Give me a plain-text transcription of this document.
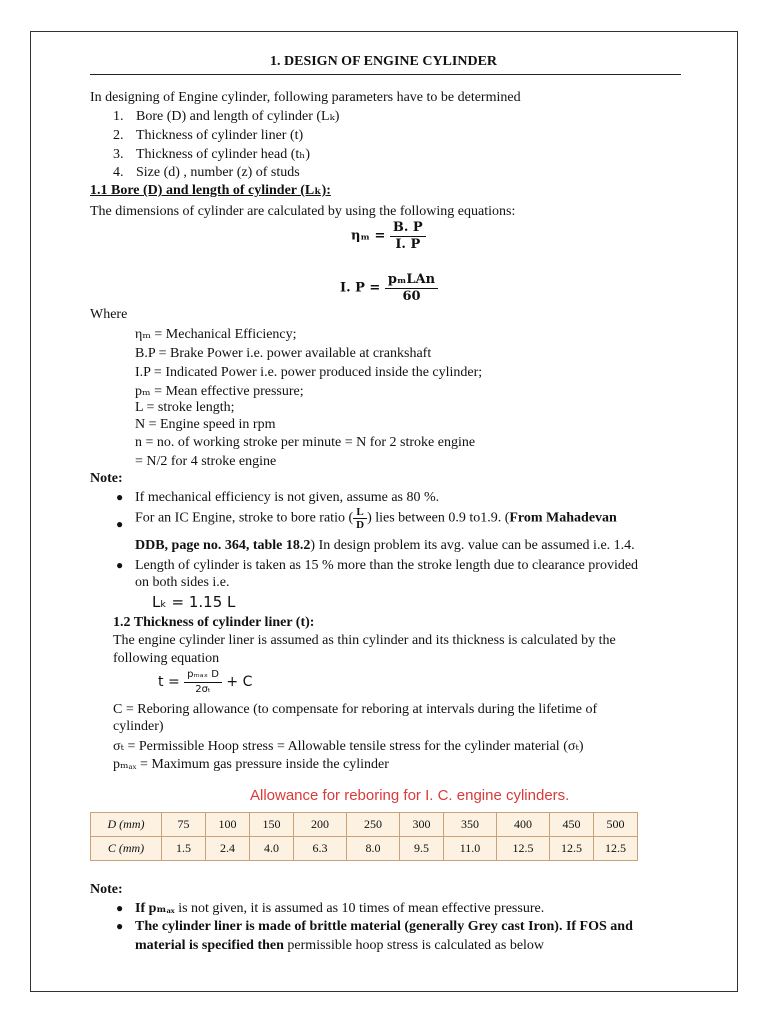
1. DESIGN OF ENGINE CYLINDER
In designing of Engine cylinder, following parameters have to be determined
1. Bore (D) and length of cylinder (Lₖ)
2. Thickness of cylinder liner (t)
3. Thickness of cylinder head (tₕ)
4. Size (d) , number (z) of studs
1.1 Bore (D) and length of cylinder (Lₖ):
The dimensions of cylinder are calculated by using the following equations:
$\eta_m = \frac{B. P}{I. P}$
I. $P = \frac{\text{pₘLAn}}{60}$
Where
ηₘ = Mechanical Efficiency;
B.P = Brake Power i.e. power available at crankshaft
I.P = Indicated Power i.e. power produced inside the cylinder;
pₘ = Mean effective pressure;
L = stroke length;
N = Engine speed in rpm
n = no. of working stroke per minute = N for 2 stroke engine
= N/2 for 4 stroke engine
Note:
● If mechanical efficiency is not given, assume as 80 %.
● For an IC Engine, stroke to bore ratio ( $\frac{L}{D}$ ) lies between 0.9 to1.9. (From Mahadevan
DDB, page no. 364, table 18.2) In design problem its avg. value can be assumed i.e. 1.4.
● Length of cylinder is taken as 15 % more than the stroke length due to clearance provided
on both sides i.e.
Lₖ = 1.15 L
1.2 Thickness of cylinder liner (t):
The engine cylinder liner is assumed as thin cylinder and its thickness is calculated by the
following equation
$t = \frac{\text{pₘₐₓ D}}{\text{2σₜ}} + C$
C = Reboring allowance (to compensate for reboring at intervals during the lifetime of
cylinder)
σₜ = Permissible Hoop stress = Allowable tensile stress for the cylinder material (σₜ)
pₘₐₓ = Maximum gas pressure inside the cylinder
Allowance for reboring for I. C. engine cylinders.
D (mm)	75	100	150	200	250	300	350	400	450	500
C (mm)	1.5	2.4	4.0	6.3	8.0	9.5	11.0	12.5	12.5	12.5
Note:
● If pₘₐₓ is not given, it is assumed as 10 times of mean effective pressure.
● The cylinder liner is made of brittle material (generally Grey cast Iron). If FOS and
material is specified then permissible hoop stress is calculated as below
